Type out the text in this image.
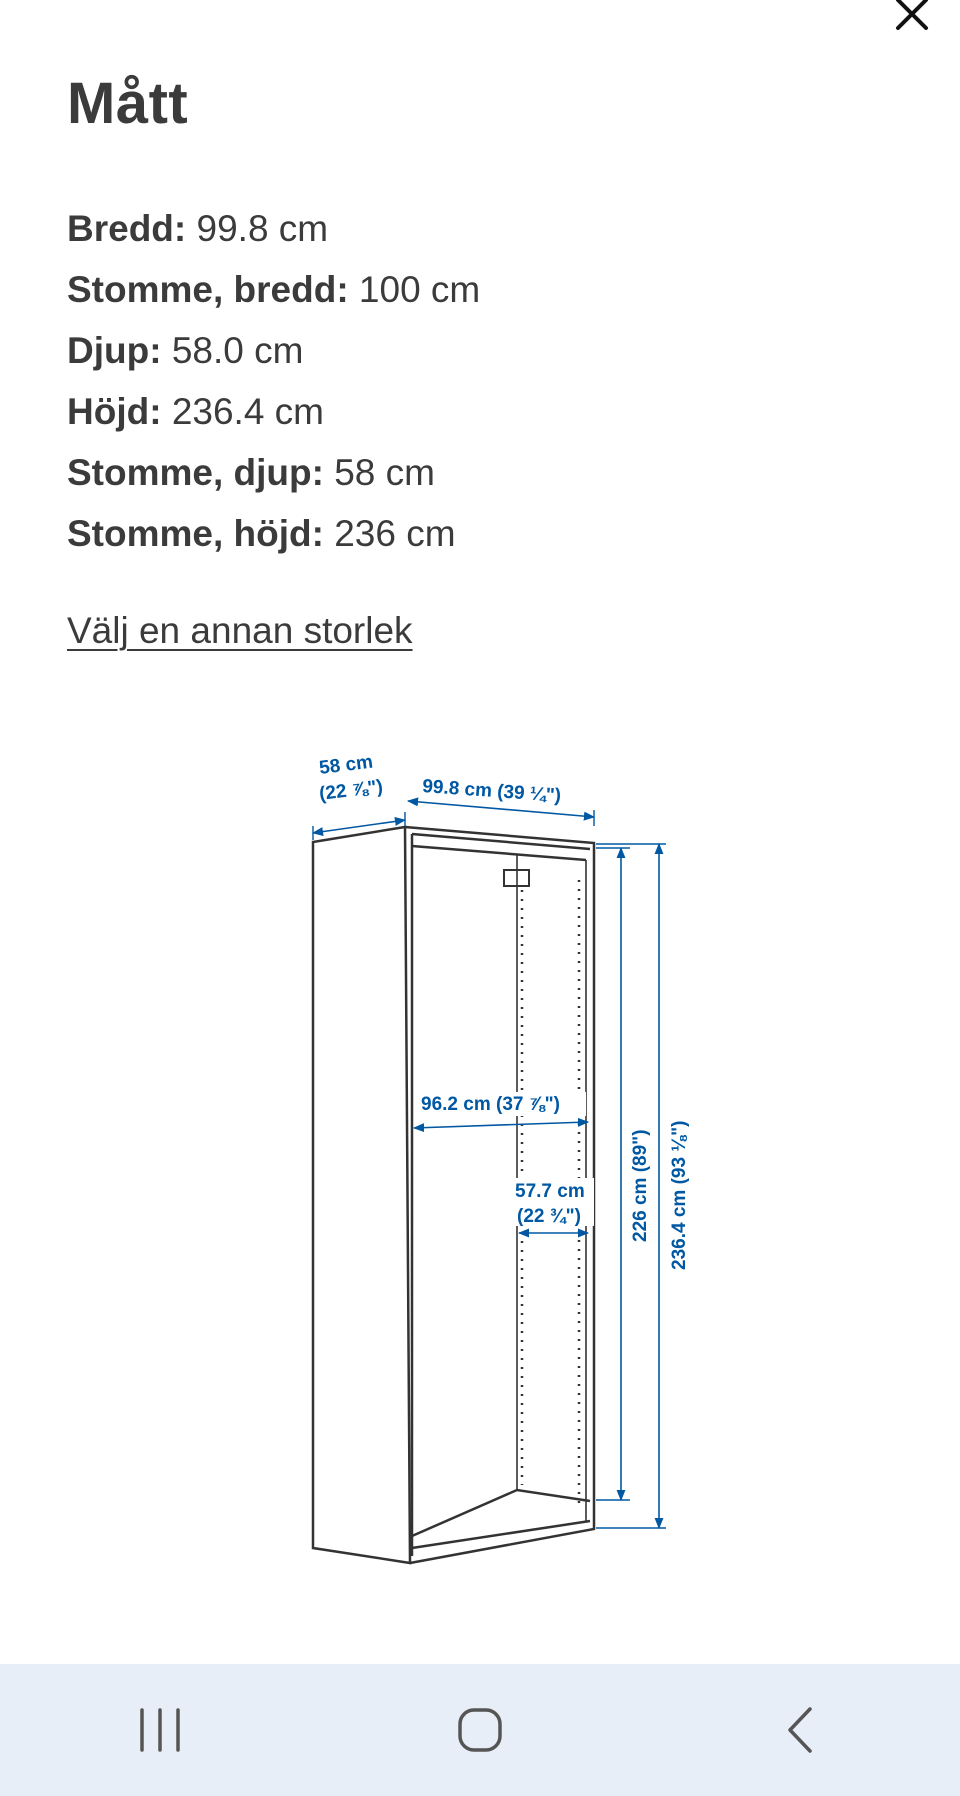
Mått
Bredd: 99.8 cm
Stomme, bredd: 100 cm
Djup: 58.0 cm
Höjd: 236.4 cm
Stomme, djup: 58 cm
Stomme, höjd: 236 cm
Välj en annan storlek
58 cm
(22 ⅞") 99.8 cm (39 ¼")
96.2 cm (37 ⅞")
57.7 cm
(22 ¾")	226 cm (89") 236.4 cm (93 ⅛")
